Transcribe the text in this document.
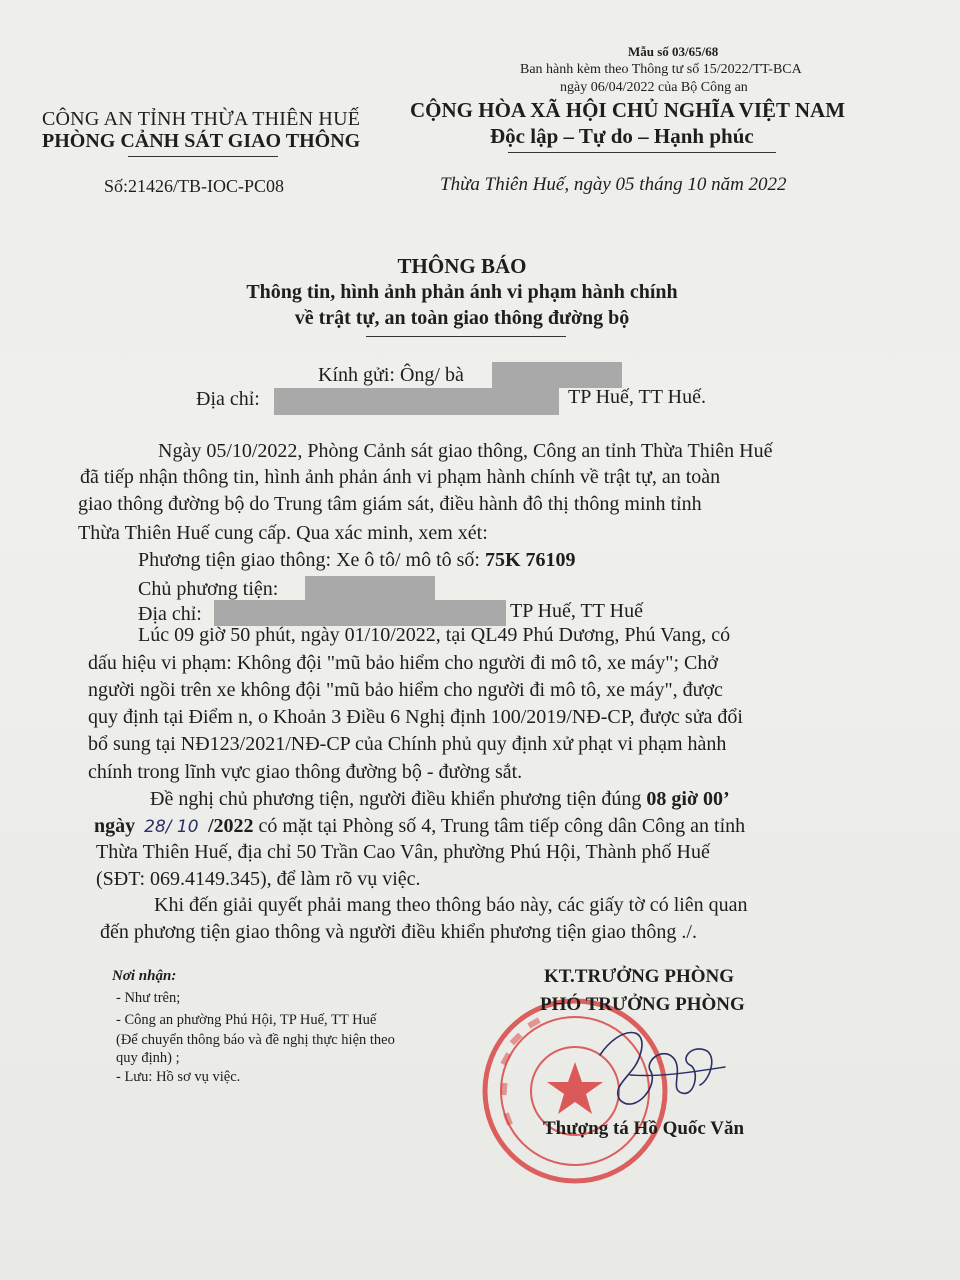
Mẫu số 03/65/68
Ban hành kèm theo Thông tư số 15/2022/TT-BCA
ngày 06/04/2022 của Bộ Công an
CÔNG AN TỈNH THỪA THIÊN HUẾ
PHÒNG CẢNH SÁT GIAO THÔNG
CỘNG HÒA XÃ HỘI CHỦ NGHĨA VIỆT NAM
Độc lập – Tự do – Hạnh phúc
Số:21426/TB-IOC-PC08	Thừa Thiên Huế, ngày 05 tháng 10 năm 2022
THÔNG BÁO
Thông tin, hình ảnh phản ánh vi phạm hành chính
về trật tự, an toàn giao thông đường bộ
Kính gửi: Ông/ bà
Địa chỉ:	TP Huế, TT Huế.
Ngày 05/10/2022, Phòng Cảnh sát giao thông, Công an tỉnh Thừa Thiên Huế
đã tiếp nhận thông tin, hình ảnh phản ánh vi phạm hành chính về trật tự, an toàn
giao thông đường bộ do Trung tâm giám sát, điều hành đô thị thông minh tỉnh
Thừa Thiên Huế cung cấp. Qua xác minh, xem xét:
Phương tiện giao thông: Xe ô tô/ mô tô số: 75K 76109
Chủ phương tiện:
Địa chỉ:	TP Huế, TT Huế
Lúc 09 giờ 50 phút, ngày 01/10/2022, tại QL49 Phú Dương, Phú Vang, có
dấu hiệu vi phạm: Không đội "mũ bảo hiểm cho người đi mô tô, xe máy"; Chở
người ngồi trên xe không đội "mũ bảo hiểm cho người đi mô tô, xe máy", được
quy định tại Điểm n, o Khoản 3 Điều 6 Nghị định 100/2019/NĐ-CP, được sửa đổi
bổ sung tại NĐ123/2021/NĐ-CP của Chính phủ quy định xử phạt vi phạm hành
chính trong lĩnh vực giao thông đường bộ - đường sắt.
Đề nghị chủ phương tiện, người điều khiển phương tiện đúng 08 giờ 00’
ngày 28/ 10 /2022 có mặt tại Phòng số 4, Trung tâm tiếp công dân Công an tỉnh
Thừa Thiên Huế, địa chỉ 50 Trần Cao Vân, phường Phú Hội, Thành phố Huế
(SĐT: 069.4149.345), để làm rõ vụ việc.
Khi đến giải quyết phải mang theo thông báo này, các giấy tờ có liên quan
đến phương tiện giao thông và người điều khiển phương tiện giao thông ./.
Nơi nhận:
- Như trên;
- Công an phường Phú Hội, TP Huế, TT Huế
(Để chuyển thông báo và đề nghị thực hiện theo
quy định) ;
- Lưu: Hồ sơ vụ việc.
KT.TRƯỞNG PHÒNG
PHÓ TRƯỞNG PHÒNG
Thượng tá Hồ Quốc Văn
